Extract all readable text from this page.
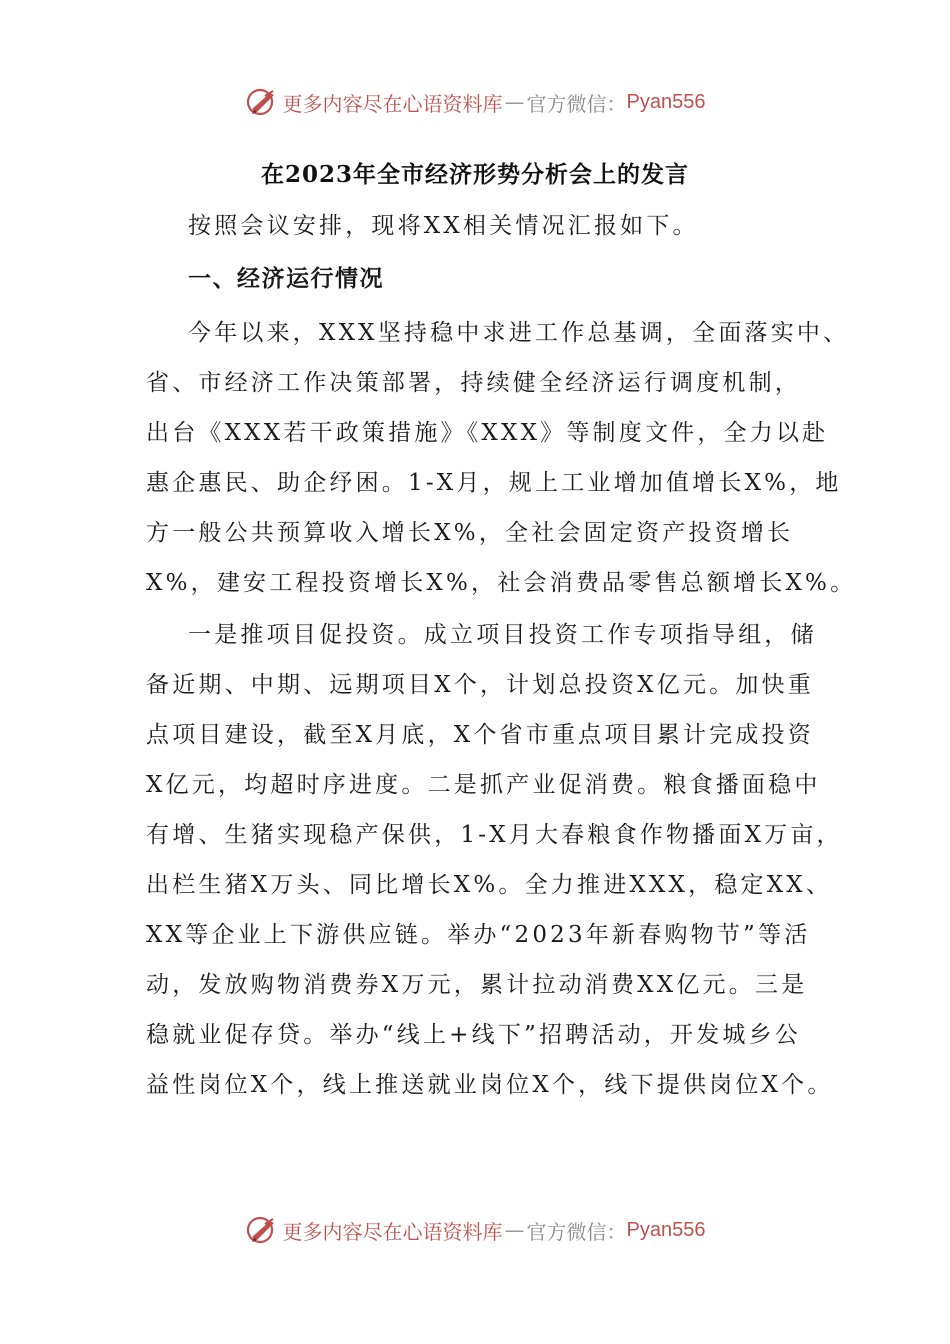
更多内容尽在心语资料库 — 官方微信： Pyan556
在2023年全市经济形势分析会上的发言
按照会议安排，现将XX相关情况汇报如下。
一、经济运行情况
今年以来，XXX坚持稳中求进工作总基调，全面落实中、
省、市经济工作决策部署，持续健全经济运行调度机制，
出台《XXX若干政策措施》《XXX》等制度文件，全力以赴
惠企惠民、助企纾困。1-X月，规上工业增加值增长X%，地
方一般公共预算收入增长X%，全社会固定资产投资增长
X%，建安工程投资增长X%，社会消费品零售总额增长X%。
一是推项目促投资。成立项目投资工作专项指导组，储
备近期、中期、远期项目X个，计划总投资X亿元。加快重
点项目建设，截至X月底，X个省市重点项目累计完成投资
X亿元，均超时序进度。二是抓产业促消费。粮食播面稳中
有增、生猪实现稳产保供，1-X月大春粮食作物播面X万亩，
出栏生猪X万头、同比增长X%。全力推进XXX，稳定XX、
XX等企业上下游供应链。举办“2023年新春购物节”等活
动，发放购物消费券X万元，累计拉动消费XX亿元。三是
稳就业促存贷。举办“线上+线下”招聘活动，开发城乡公
益性岗位X个，线上推送就业岗位X个，线下提供岗位X个。
更多内容尽在心语资料库 — 官方微信： Pyan556
